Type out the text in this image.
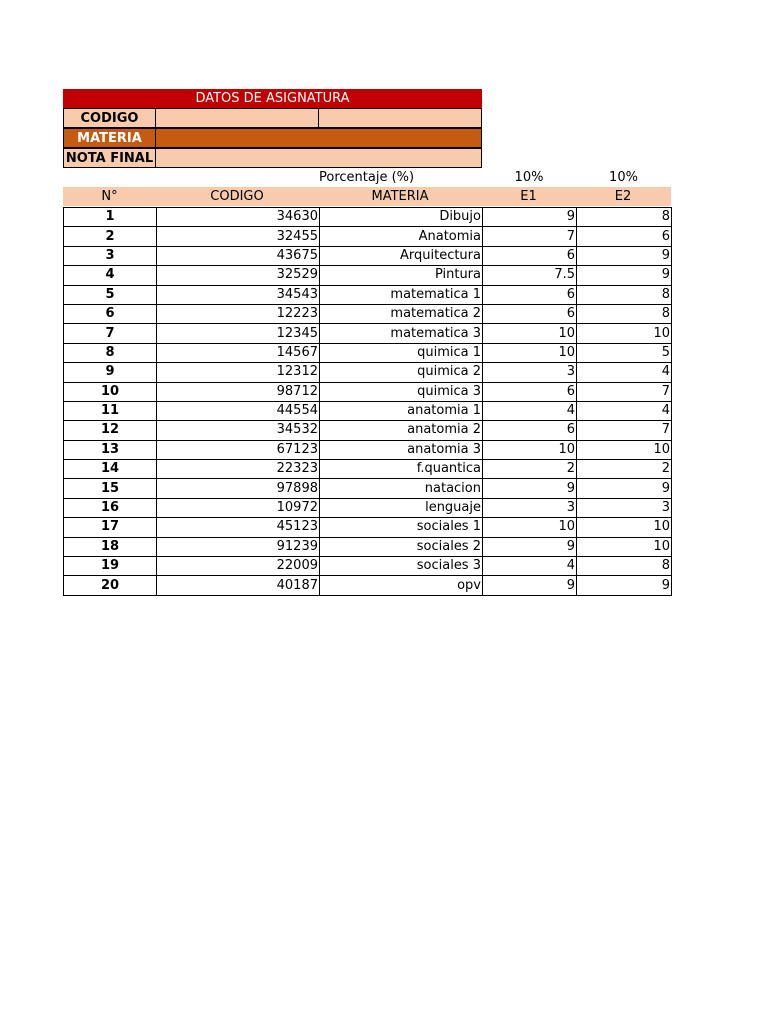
DATOS DE ASIGNATURA
CODIGO
MATERIA
NOTA FINAL
Porcentaje (%)	10%	10%
N°	CODIGO	MATERIA	E1	E2
1	34630	Dibujo	9	8
2	32455	Anatomia	7	6
3	43675	Arquitectura	6	9
4	32529	Pintura	7.5	9
5	34543	matematica 1	6	8
6	12223	matematica 2	6	8
7	12345	matematica 3	10	10
8	14567	quimica 1	10	5
9	12312	quimica 2	3	4
10	98712	quimica 3	6	7
11	44554	anatomia 1	4	4
12	34532	anatomia 2	6	7
13	67123	anatomia 3	10	10
14	22323	f.quantica	2	2
15	97898	natacion	9	9
16	10972	lenguaje	3	3
17	45123	sociales 1	10	10
18	91239	sociales 2	9	10
19	22009	sociales 3	4	8
20	40187	opv	9	9
